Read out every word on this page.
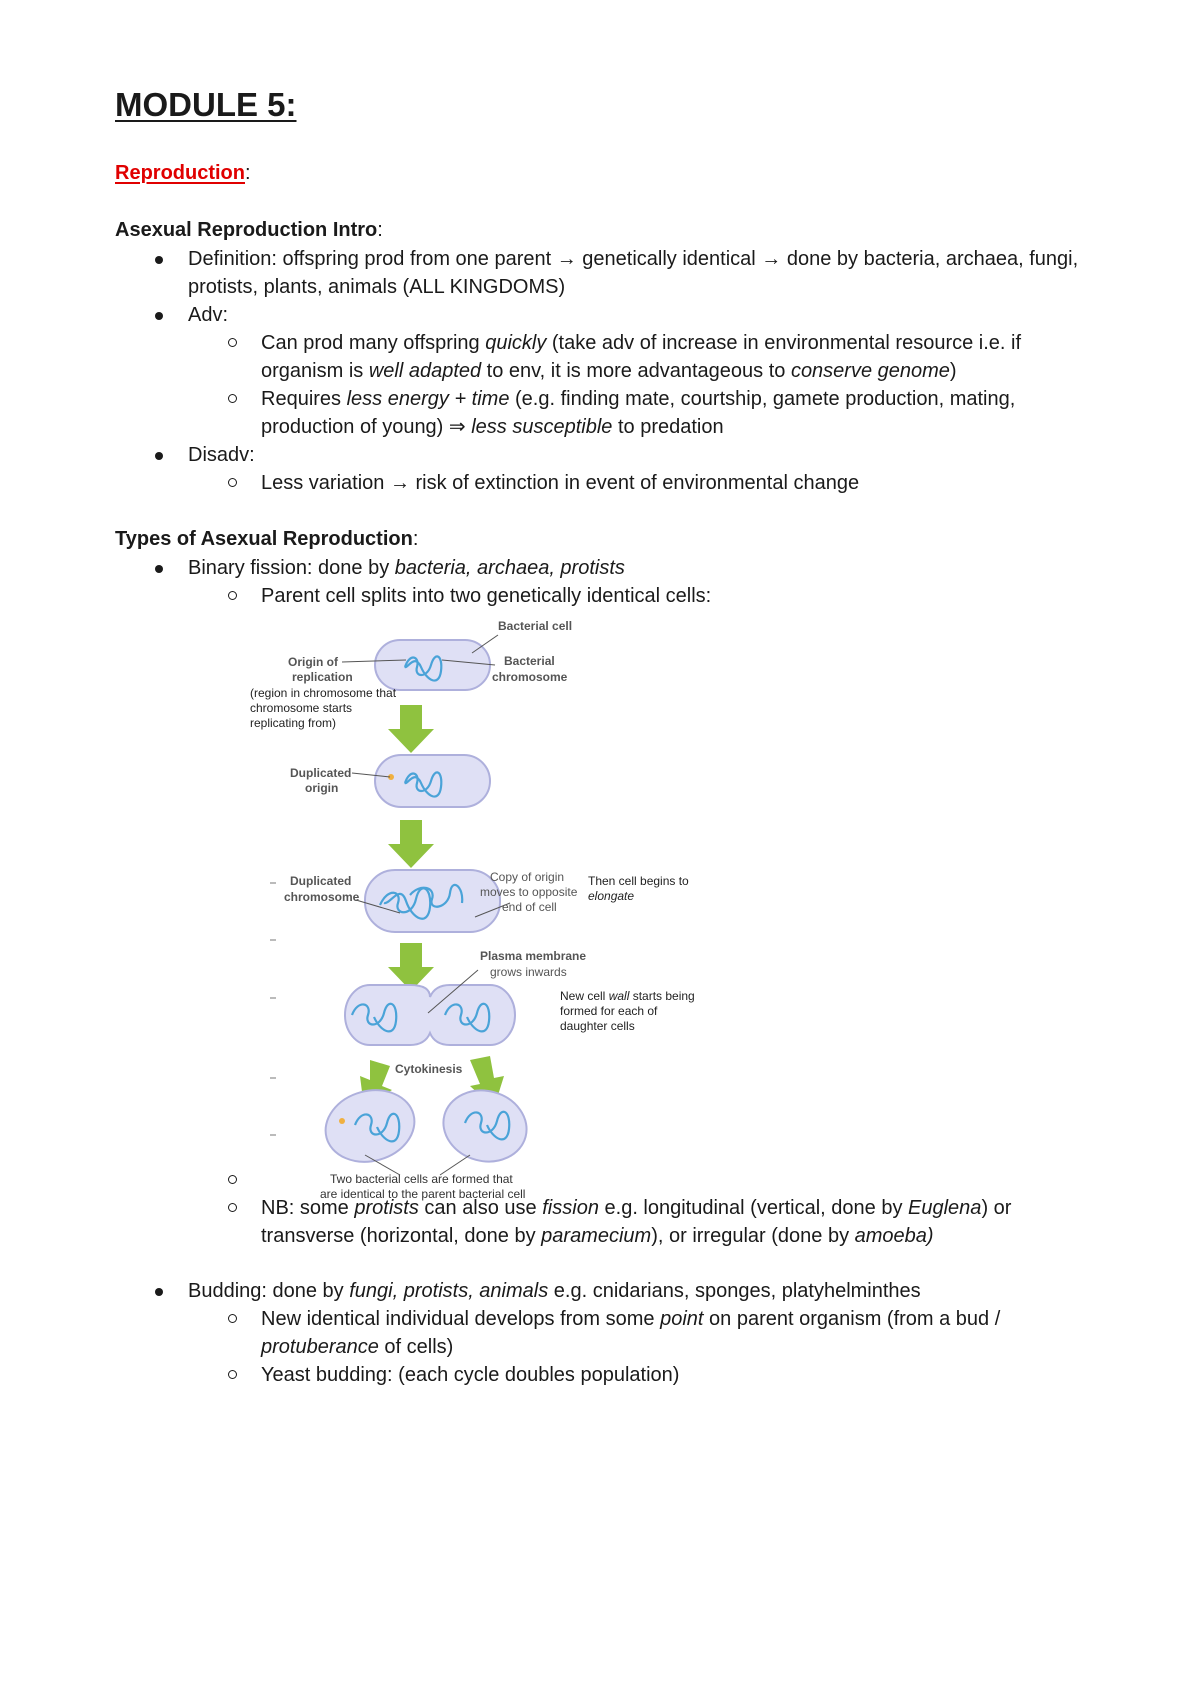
MODULE 5:
Reproduction:
Asexual Reproduction Intro:
Definition: offspring prod from one parent → genetically identical → done by bacteria, archaea, fungi, protists, plants, animals (ALL KINGDOMS)
Adv:
Can prod many offspring quickly (take adv of increase in environmental resource i.e. if organism is well adapted to env, it is more advantageous to conserve genome)
Requires less energy + time (e.g. finding mate, courtship, gamete production, mating, production of young) ⇒ less susceptible to predation
Disadv:
Less variation → risk of extinction in event of environmental change
Types of Asexual Reproduction:
Binary fission: done by bacteria, archaea, protists
Parent cell splits into two genetically identical cells:
Bacterial cell
Origin of
replication
(region in chromosome that
chromosome starts
replicating from)
Bacterial
chromosome
Duplicated
origin
Duplicated
chromosome
Copy of origin
moves to opposite
end of cell
Then cell begins to
elongate
Plasma membrane
grows inwards
New cell wall starts being
formed for each of
daughter cells
Cytokinesis
Two bacterial cells are formed that
are identical to the parent bacterial cell
NB: some protists can also use fission e.g. longitudinal (vertical, done by Euglena) or transverse (horizontal, done by paramecium), or irregular (done by amoeba)
Budding: done by fungi, protists, animals e.g. cnidarians, sponges, platyhelminthes
New identical individual develops from some point on parent organism (from a bud / protuberance of cells)
Yeast budding: (each cycle doubles population)
